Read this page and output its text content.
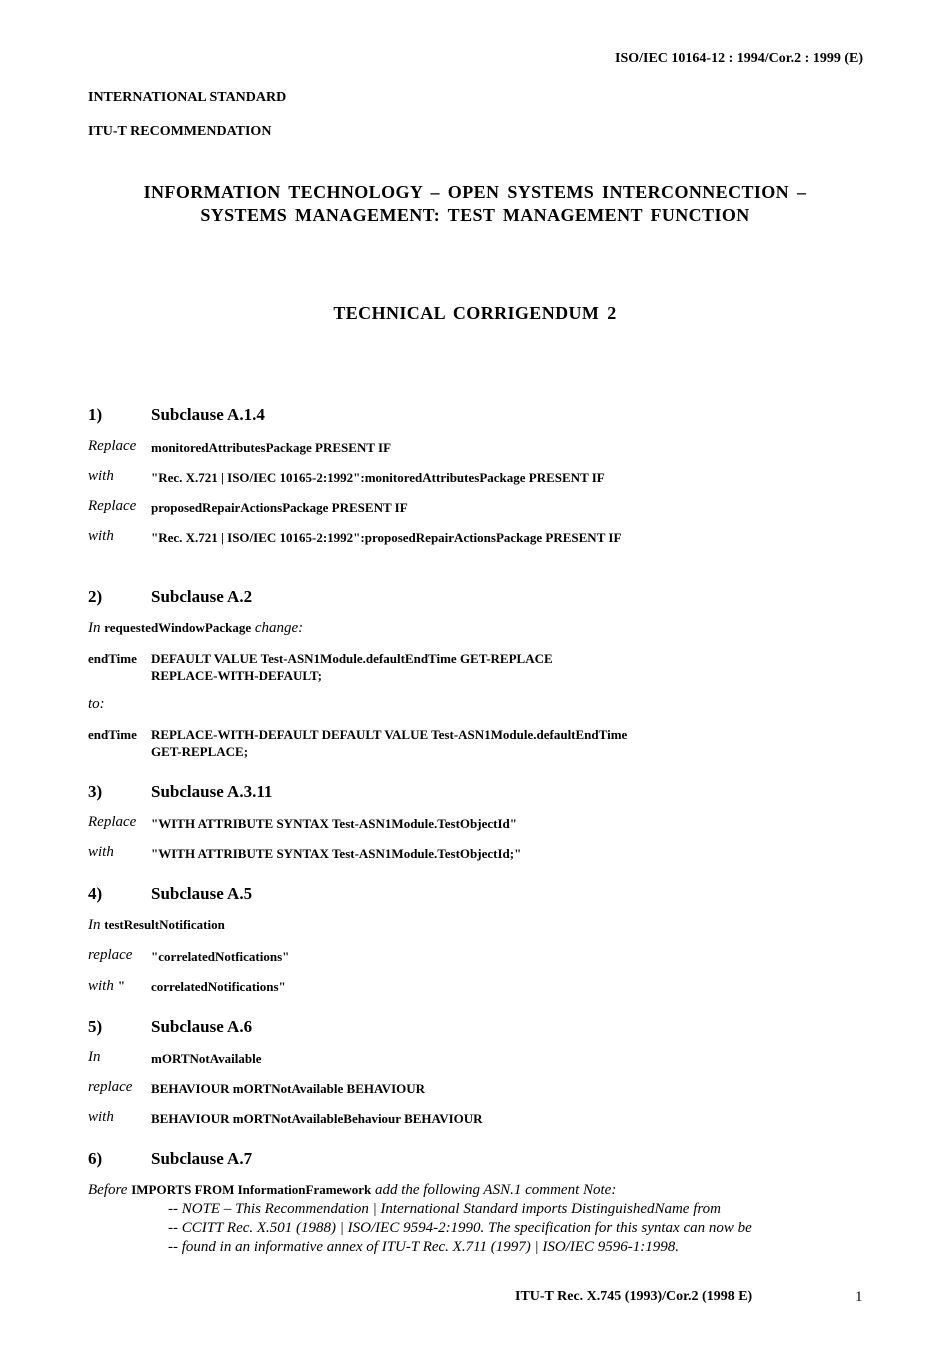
ISO/IEC 10164-12 : 1994/Cor.2 : 1999 (E)
INTERNATIONAL STANDARD
ITU-T RECOMMENDATION
INFORMATION TECHNOLOGY – OPEN SYSTEMS INTERCONNECTION –
SYSTEMS MANAGEMENT: TEST MANAGEMENT FUNCTION
TECHNICAL CORRIGENDUM 2
1)	Subclause A.1.4
Replace monitoredAttributesPackage PRESENT IF
with	"Rec. X.721 | ISO/IEC 10165-2:1992":monitoredAttributesPackage PRESENT IF
Replace proposedRepairActionsPackage PRESENT IF
with	"Rec. X.721 | ISO/IEC 10165-2:1992":proposedRepairActionsPackage PRESENT IF
2)	Subclause A.2
In requestedWindowPackage change:
endTime DEFAULT VALUE Test-ASN1Module.defaultEndTime GET-REPLACE
REPLACE-WITH-DEFAULT;
to:
endTime REPLACE-WITH-DEFAULT DEFAULT VALUE Test-ASN1Module.defaultEndTime
GET-REPLACE;
3)	Subclause A.3.11
Replace "WITH ATTRIBUTE SYNTAX Test-ASN1Module.TestObjectId"
with	"WITH ATTRIBUTE SYNTAX Test-ASN1Module.TestObjectId;"
4)	Subclause A.5
In testResultNotification
replace "correlatedNotfications"
with " correlatedNotifications"
5)	Subclause A.6
In	mORTNotAvailable
replace BEHAVIOUR mORTNotAvailable BEHAVIOUR
with	BEHAVIOUR mORTNotAvailableBehaviour BEHAVIOUR
6)	Subclause A.7
Before IMPORTS FROM InformationFramework add the following ASN.1 comment Note:
-- NOTE – This Recommendation | International Standard imports DistinguishedName from
-- CCITT Rec. X.501 (1988) | ISO/IEC 9594-2:1990. The specification for this syntax can now be
-- found in an informative annex of ITU-T Rec. X.711 (1997) | ISO/IEC 9596-1:1998.
ITU-T Rec. X.745 (1993)/Cor.2 (1998 E)	1
